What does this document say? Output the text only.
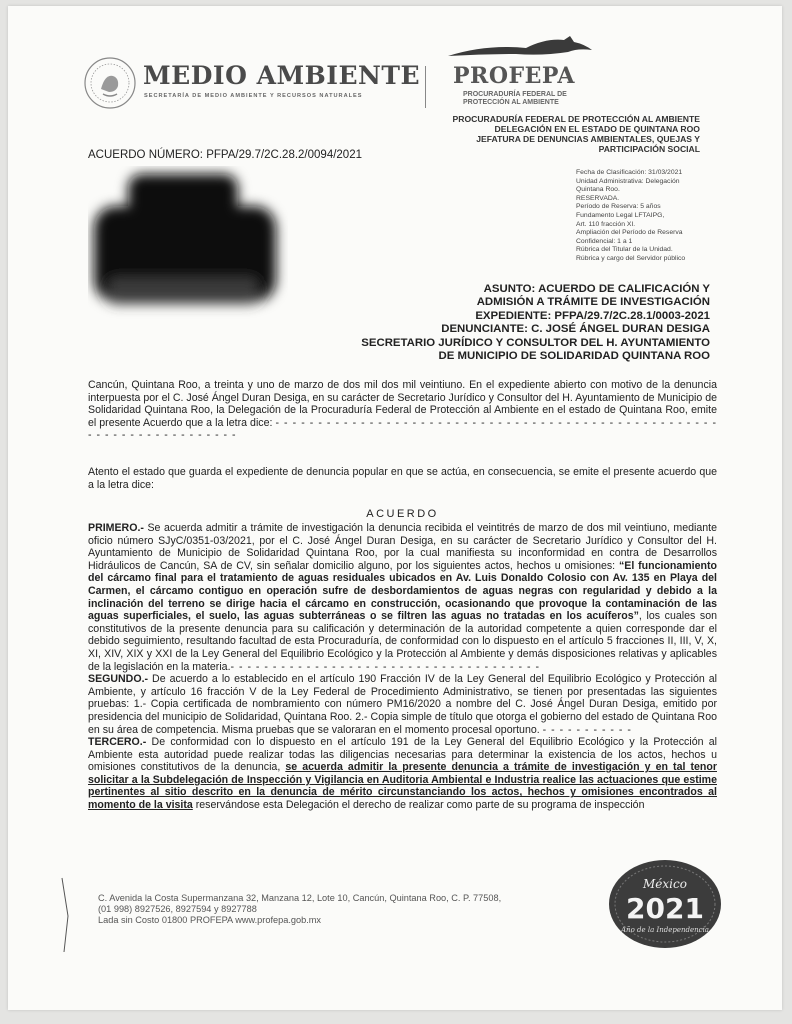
MEDIO AMBIENTE
SECRETARÍA DE MEDIO AMBIENTE Y RECURSOS NATURALES
PROFEPA
PROCURADURÍA FEDERAL DE PROTECCIÓN AL AMBIENTE
PROCURADURÍA FEDERAL DE PROTECCIÓN AL AMBIENTE
DELEGACIÓN EN EL ESTADO DE QUINTANA ROO
JEFATURA DE DENUNCIAS AMBIENTALES, QUEJAS Y
PARTICIPACIÓN SOCIAL
ACUERDO NÚMERO: PFPA/29.7/2C.28.2/0094/2021
Fecha de Clasificación: 31/03/2021
Unidad Administrativa: Delegación
Quintana Roo.
RESERVADA.
Período de Reserva: 5 años
Fundamento Legal LFTAIPG,
Art. 110 fracción XI.
Ampliación del Período de Reserva
Confidencial: 1 a 1
Rúbrica del Titular de la Unidad.
Rúbrica y cargo del Servidor público
ASUNTO: ACUERDO DE CALIFICACIÓN Y
ADMISIÓN A TRÁMITE DE INVESTIGACIÓN
EXPEDIENTE: PFPA/29.7/2C.28.1/0003-2021
DENUNCIANTE: C. JOSÉ ÁNGEL DURAN DESIGA
SECRETARIO JURÍDICO Y CONSULTOR DEL H. AYUNTAMIENTO
DE MUNICIPIO DE SOLIDARIDAD QUINTANA ROO
Cancún, Quintana Roo, a treinta y uno de marzo de dos mil dos mil veintiuno. En el expediente abierto con motivo de la denuncia interpuesta por el C. José Ángel Duran Desiga, en su carácter de Secretario Jurídico y Consultor del H. Ayuntamiento de Municipio de Solidaridad Quintana Roo, la Delegación de la Procuraduría Federal de Protección al Ambiente en el estado de Quintana Roo, emite el presente Acuerdo que a la letra dice: - - - - - - - - - - - - - - - - - - - - - - - - - - - - - - - - - - - - - - - - - - - - - - - - - - - - - - - - - - - - - - - - - - - - - -
Atento el estado que guarda el expediente de denuncia popular en que se actúa, en consecuencia, se emite el presente acuerdo que a la letra dice:
ACUERDO

PRIMERO.- Se acuerda admitir a trámite de investigación la denuncia recibida el veintitrés de marzo de dos mil veintiuno, mediante oficio número SJyC/0351-03/2021, por el C. José Ángel Duran Desiga, en su carácter de Secretario Jurídico y Consultor del H. Ayuntamiento de Municipio de Solidaridad Quintana Roo, por la cual manifiesta su inconformidad en contra de Desarrollos Hidráulicos de Cancún, SA de CV, sin señalar domicilio alguno, por los siguientes actos, hechos u omisiones: “El funcionamiento del cárcamo final para el tratamiento de aguas residuales ubicados en Av. Luis Donaldo Colosio con Av. 135 en Playa del Carmen, el cárcamo contiguo en operación sufre de desbordamientos de aguas negras con regularidad y debido a la inclinación del terreno se dirige hacia el cárcamo en construcción, ocasionando que provoque la contaminación de las aguas superficiales, el suelo, las aguas subterráneas o se filtren las aguas no tratadas en los acuíferos”, los cuales son constitutivos de la presente denuncia para su calificación y determinación de la autoridad competente a quien corresponde dar el debido seguimiento, resultando facultad de esta Procuraduría, de conformidad con lo dispuesto en el artículo 5 fracciones II, III, V, X, XI, XIV, XIX y XXI de la Ley General del Equilibrio Ecológico y la Protección al Ambiente y demás disposiciones relativas y aplicables de la legislación en la materia.- - - - - - - - - - - - - - - - - - - - - - - - - - - - - - - - - - - - -

SEGUNDO.- De acuerdo a lo establecido en el artículo 190 Fracción IV de la Ley General del Equilibrio Ecológico y Protección al Ambiente, y artículo 16 fracción V de la Ley Federal de Procedimiento Administrativo, se tienen por presentadas las siguientes pruebas: 1.- Copia certificada de nombramiento con número PM16/2020 a nombre del C. José Ángel Duran Desiga, emitido por presidencia del municipio de Solidaridad, Quintana Roo. 2.- Copia simple de título que otorga el gobierno del estado de Quintana Roo en su área de competencia. Misma pruebas que se valoraran en el momento procesal oportuno. - - - - - - - - - - -

TERCERO.- De conformidad con lo dispuesto en el artículo 191 de la Ley General del Equilibrio Ecológico y la Protección al Ambiente esta autoridad puede realizar todas las diligencias necesarias para determinar la existencia de los actos, hechos u omisiones constitutivos de la denuncia, se acuerda admitir la presente denuncia a trámite de investigación y en tal tenor solicitar a la Subdelegación de Inspección y Vigilancia en Auditoria Ambiental e Industria realice las actuaciones que estime pertinentes al sitio descrito en la denuncia de mérito circunstanciando los actos, hechos y omisiones encontrados al momento de la visita reservándose esta Delegación el derecho de realizar como parte de su programa de inspección

C. Avenida la Costa Supermanzana 32, Manzana 12, Lote 10, Cancún, Quintana Roo, C. P. 77508,
(01 998) 8927526, 8927594 y 8927788
Lada sin Costo 01800 PROFEPA www.profepa.gob.mx
México
2021
Año de la Independencia
